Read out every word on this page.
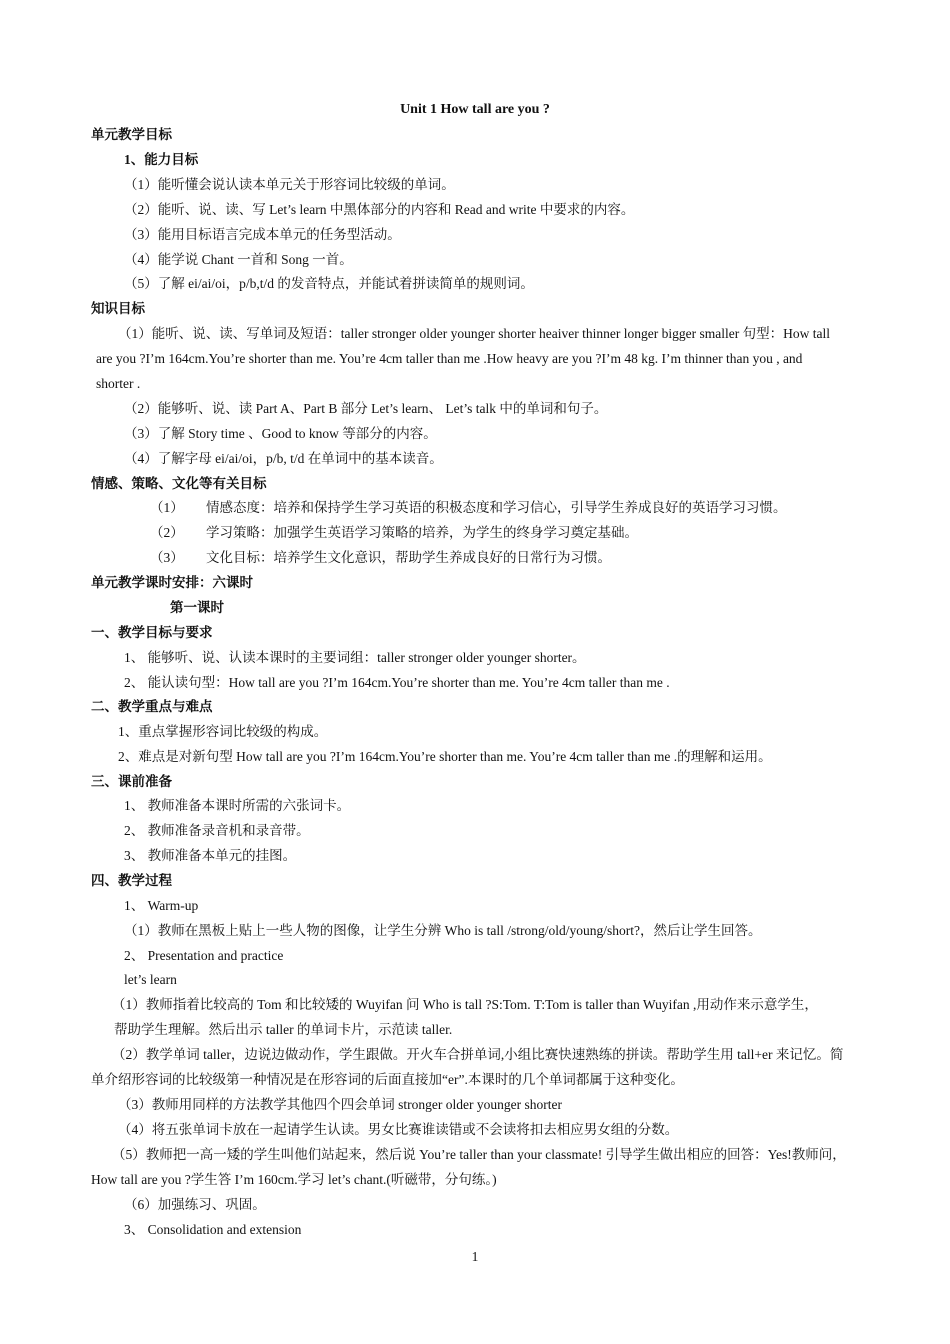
Unit 1 How tall are you ?
单元教学目标
1、能力目标
（1）能听懂会说认读本单元关于形容词比较级的单词。
（2）能听、说、读、写 Let’s learn 中黑体部分的内容和 Read and write 中要求的内容。
（3）能用目标语言完成本单元的任务型活动。
（4）能学说 Chant 一首和 Song 一首。
（5）了解 ei/ai/oi，p/b,t/d 的发音特点，并能试着拼读简单的规则词。
知识目标
（1）能听、说、读、写单词及短语：taller stronger older younger shorter heaiver thinner longer bigger smaller 句型：How tall
are you ?I’m 164cm.You’re shorter than me. You’re 4cm taller than me .How heavy are you ?I’m 48 kg. I’m thinner than you , and
shorter .
（2）能够听、说、读 Part A、Part B 部分 Let’s learn、 Let’s talk 中的单词和句子。
（3）了解 Story time 、Good to know 等部分的内容。
（4）了解字母 ei/ai/oi，p/b, t/d 在单词中的基本读音。
情感、策略、文化等有关目标
（1） 情感态度：培养和保持学生学习英语的积极态度和学习信心，引导学生养成良好的英语学习习惯。
（2） 学习策略：加强学生英语学习策略的培养，为学生的终身学习奠定基础。
（3） 文化目标：培养学生文化意识，帮助学生养成良好的日常行为习惯。
单元教学课时安排：六课时
第一课时
一、教学目标与要求
1、 能够听、说、认读本课时的主要词组：taller stronger older younger shorter。
2、 能认读句型：How tall are you ?I’m 164cm.You’re shorter than me. You’re 4cm taller than me .
二、教学重点与难点
1、重点掌握形容词比较级的构成。
2、难点是对新句型 How tall are you ?I’m 164cm.You’re shorter than me. You’re 4cm taller than me .的理解和运用。
三、课前准备
1、 教师准备本课时所需的六张词卡。
2、 教师准备录音机和录音带。
3、 教师准备本单元的挂图。
四、教学过程
1、 Warm-up
（1）教师在黑板上贴上一些人物的图像，让学生分辨 Who is tall /strong/old/young/short?，然后让学生回答。
2、 Presentation and practice
let’s learn
（1）教师指着比较高的 Tom 和比较矮的 Wuyifan 问 Who is tall ?S:Tom. T:Tom is taller than Wuyifan ,用动作来示意学生，
帮助学生理解。然后出示 taller 的单词卡片，示范读 taller.
（2）教学单词 taller，边说边做动作，学生跟做。开火车合拼单词,小组比赛快速熟练的拼读。帮助学生用 tall+er 来记忆。简
单介绍形容词的比较级第一种情况是在形容词的后面直接加“er”.本课时的几个单词都属于这种变化。
（3）教师用同样的方法教学其他四个四会单词 stronger older younger shorter
（4）将五张单词卡放在一起请学生认读。男女比赛谁读错或不会读将扣去相应男女组的分数。
（5）教师把一高一矮的学生叫他们站起来，然后说 You’re taller than your classmate! 引导学生做出相应的回答：Yes!教师问，
How tall are you ?学生答 I’m 160cm.学习 let’s chant.(听磁带，分句练。)
（6）加强练习、巩固。
3、 Consolidation and extension
1
